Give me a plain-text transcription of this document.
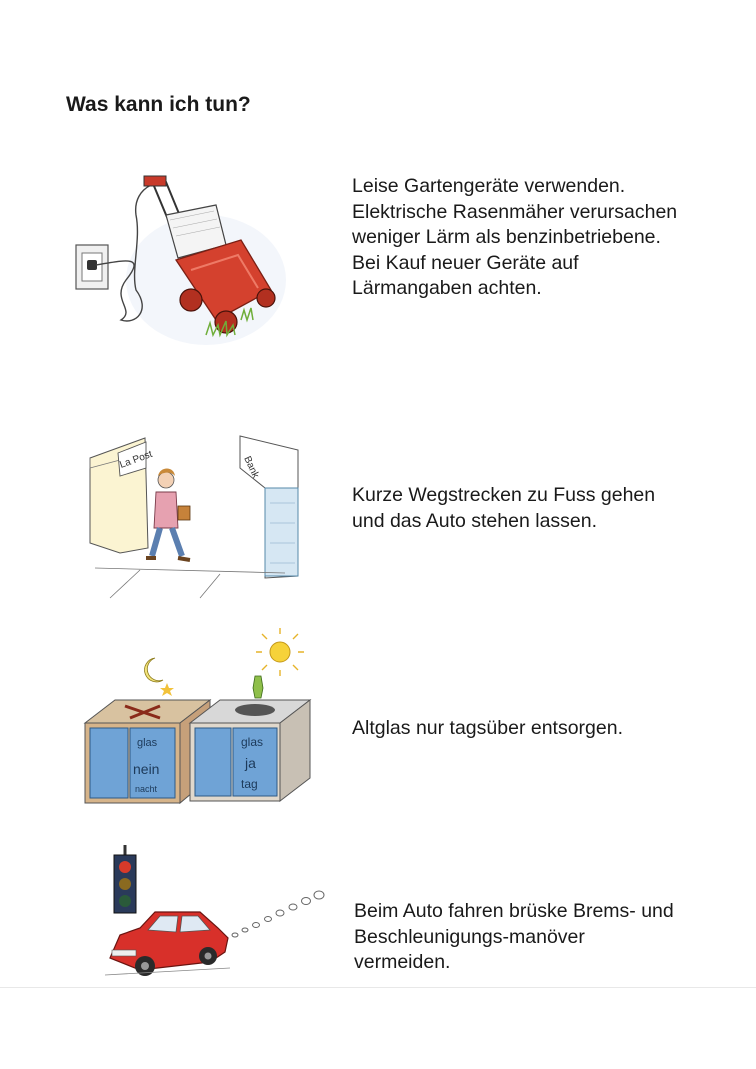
Was kann ich tun?
Leise Gartengeräte verwenden. Elektrische Rasenmäher verursachen weniger Lärm als benzinbetriebene. Bei Kauf neuer Geräte auf Lärmangaben achten.
La Post	Bank
Kurze Wegstrecken zu Fuss gehen und das Auto stehen lassen.
glas
nein
nacht
glas
ja
tag
Altglas nur tagsüber entsorgen.
Beim Auto fahren brüske Brems- und Beschleunigungs-manöver vermeiden.
